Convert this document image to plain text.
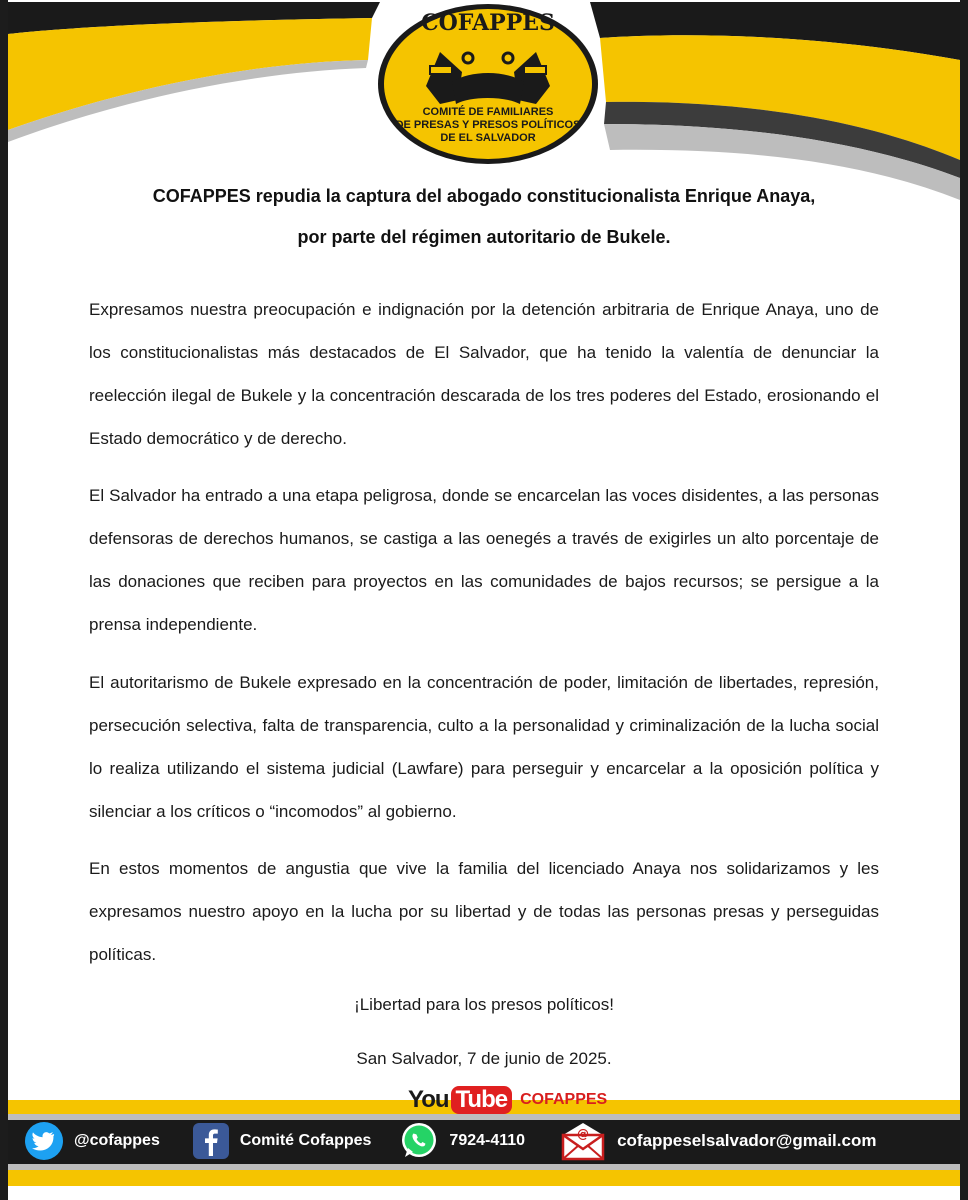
COFAPPES
COMITÉ DE FAMILIARES
DE PRESAS Y PRESOS POLÍTICOS
DE EL SALVADOR
COFAPPES repudia la captura del abogado constitucionalista Enrique Anaya,
por parte del régimen autoritario de Bukele.

Expresamos nuestra preocupación e indignación por la detención arbitraria de Enrique Anaya, uno de los constitucionalistas más destacados de El Salvador, que ha tenido la valentía de denunciar la reelección ilegal de Bukele y la concentración descarada de los tres poderes del Estado, erosionando el Estado democrático y de derecho.

El Salvador ha entrado a una etapa peligrosa, donde se encarcelan las voces disidentes, a las personas defensoras de derechos humanos, se castiga a las oenegés a través de exigirles un alto porcentaje de las donaciones que reciben para proyectos en las comunidades de bajos recursos; se persigue a la prensa independiente.

El autoritarismo de Bukele expresado en la concentración de poder, limitación de libertades, represión, persecución selectiva, falta de transparencia, culto a la personalidad y criminalización de la lucha social lo realiza utilizando el sistema judicial (Lawfare) para perseguir y encarcelar a la oposición política y silenciar a los críticos o “incomodos” al gobierno.

En estos momentos de angustia que vive la familia del licenciado Anaya nos solidarizamos y les expresamos nuestro apoyo en la lucha por su libertad y de todas las personas presas y perseguidas políticas.

¡Libertad para los presos políticos!
San Salvador, 7 de junio de 2025.
You Tube COFAPPES
@cofappes	Comité Cofappes	7924-4110	@ cofappeselsalvador@gmail.com
